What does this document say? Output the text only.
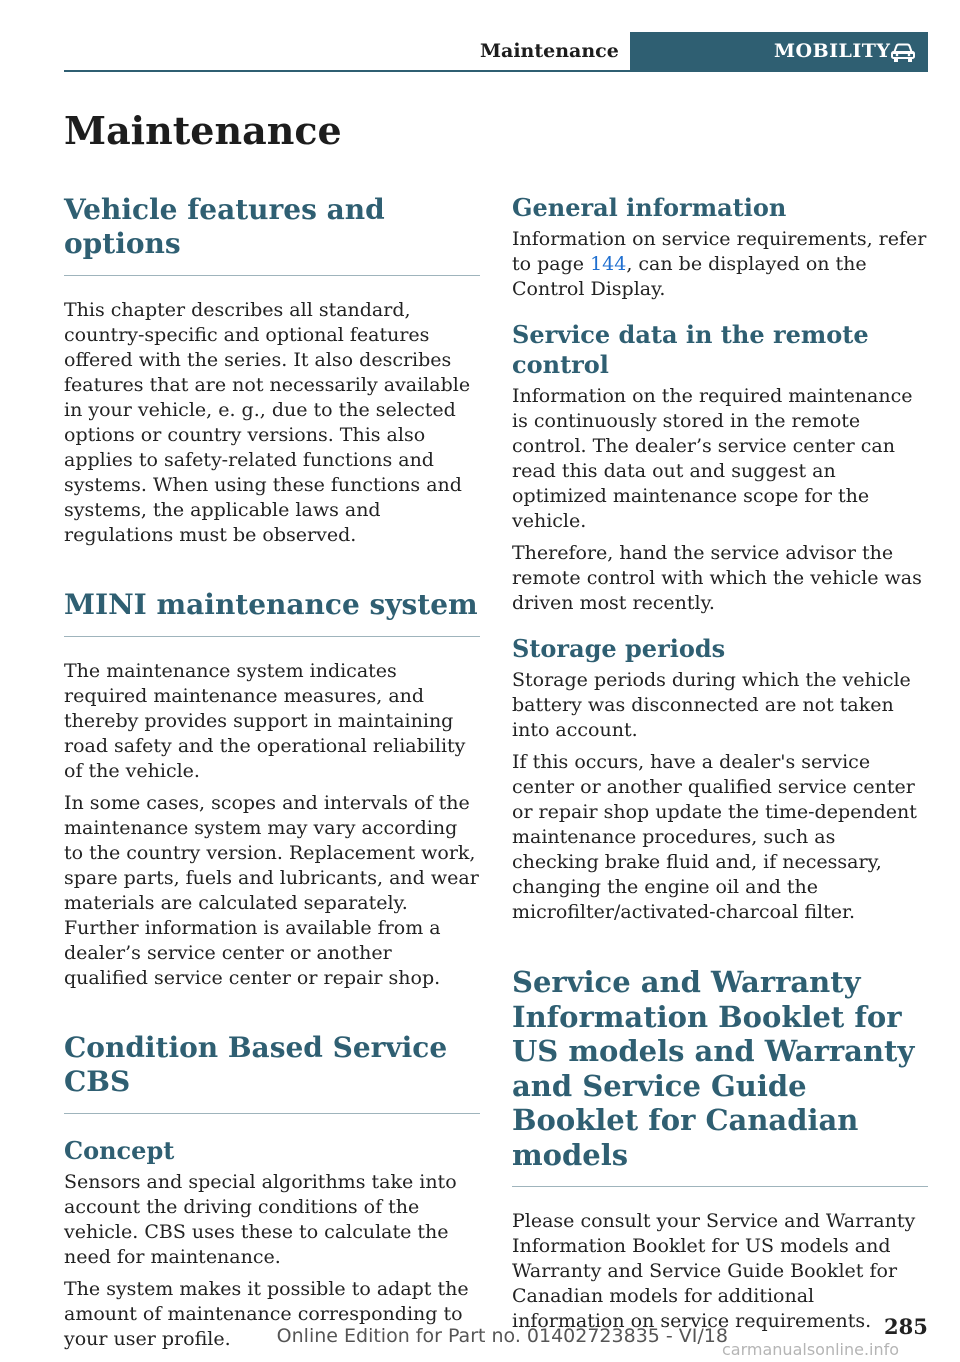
Maintenance	MOBILITY
Maintenance
Vehicle features and options

This chapter describes all standard, country-specific and optional features offered with the series. It also describes features that are not necessarily available in your vehicle, e. g., due to the selected options or country versions. This also applies to safety-related functions and systems. When using these functions and systems, the applicable laws and regulations must be observed.

MINI maintenance system

The maintenance system indicates required maintenance measures, and thereby provides support in maintaining road safety and the operational reliability of the vehicle.

In some cases, scopes and intervals of the maintenance system may vary according to the country version. Replacement work, spare parts, fuels and lubricants, and wear materials are calculated separately. Further information is available from a dealer’s service center or another qualified service center or repair shop.

Condition Based Service CBS
Concept

Sensors and special algorithms take into account the driving conditions of the vehicle. CBS uses these to calculate the need for maintenance.

The system makes it possible to adapt the amount of maintenance corresponding to your user profile.

General information

Information on service requirements, refer to page 144, can be displayed on the Control Display.

Service data in the remote control

Information on the required maintenance is continuously stored in the remote control. The dealer’s service center can read this data out and suggest an optimized maintenance scope for the vehicle.

Therefore, hand the service advisor the remote control with which the vehicle was driven most recently.

Storage periods

Storage periods during which the vehicle battery was disconnected are not taken into account.

If this occurs, have a dealer's service center or another qualified service center or repair shop update the time-dependent maintenance procedures, such as checking brake fluid and, if necessary, changing the engine oil and the microfilter/activated-charcoal filter.

Service and Warranty Information Booklet for US models and Warranty and Service Guide Booklet for Canadian models

Please consult your Service and Warranty Information Booklet for US models and Warranty and Service Guide Booklet for Canadian models for additional information on service requirements.

Online Edition for Part no. 01402723835 - VI/18	285
carmanualsonline.info
